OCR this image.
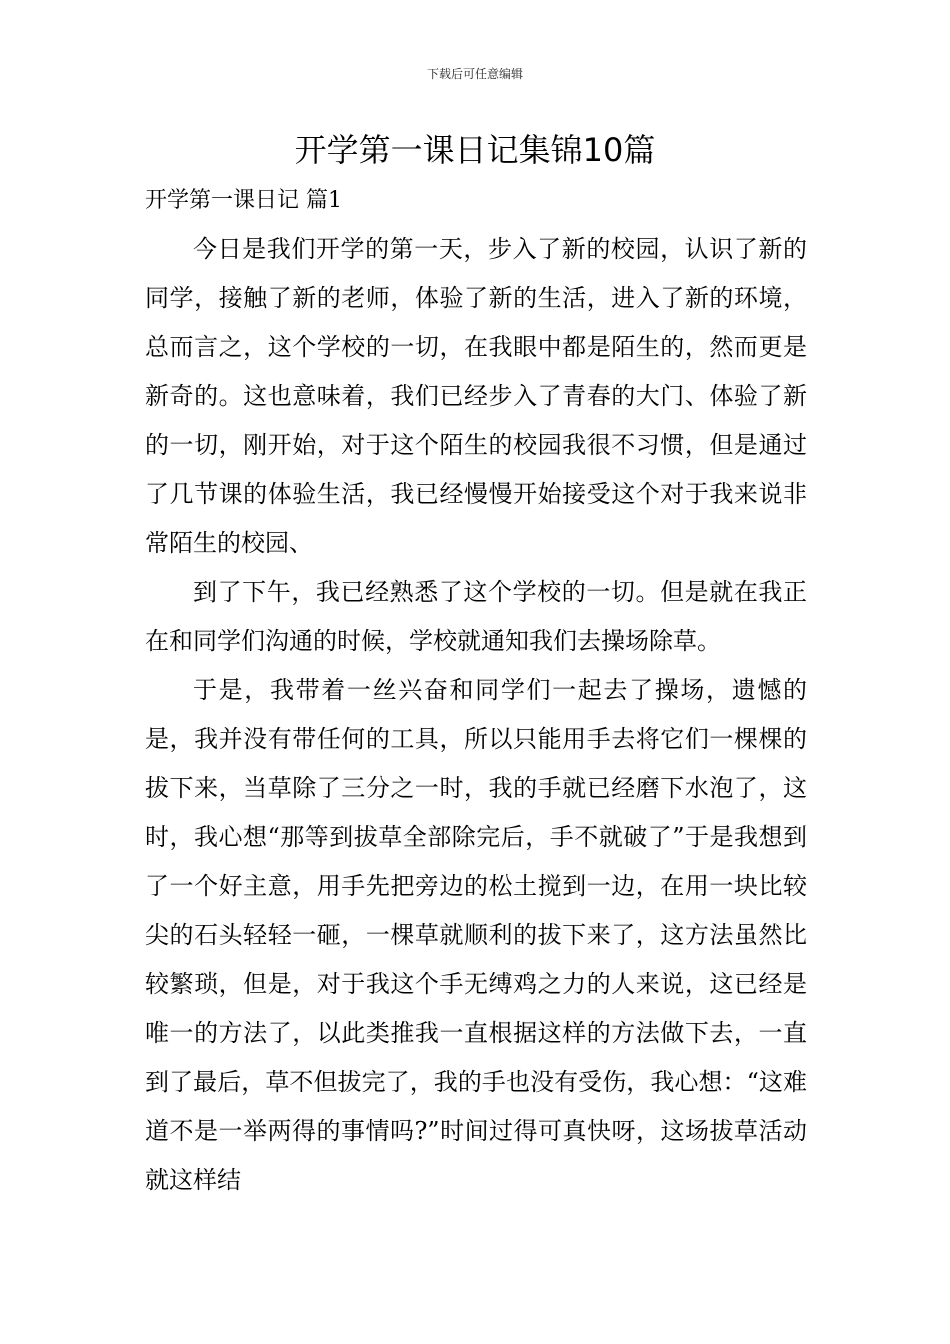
下载后可任意编辑
开学第一课日记集锦10篇
开学第一课日记 篇1

今日是我们开学的第一天，步入了新的校园，认识了新的同学，接触了新的老师，体验了新的生活，进入了新的环境，总而言之，这个学校的一切，在我眼中都是陌生的，然而更是新奇的。这也意味着，我们已经步入了青春的大门、体验了新的一切，刚开始，对于这个陌生的校园我很不习惯，但是通过了几节课的体验生活，我已经慢慢开始接受这个对于我来说非常陌生的校园、

到了下午，我已经熟悉了这个学校的一切。但是就在我正在和同学们沟通的时候，学校就通知我们去操场除草。

于是，我带着一丝兴奋和同学们一起去了操场，遗憾的是，我并没有带任何的工具，所以只能用手去将它们一棵棵的拔下来，当草除了三分之一时，我的手就已经磨下水泡了，这时，我心想“那等到拔草全部除完后，手不就破了”于是我想到了一个好主意，用手先把旁边的松土搅到一边，在用一块比较尖的石头轻轻一砸，一棵草就顺利的拔下来了，这方法虽然比较繁琐，但是，对于我这个手无缚鸡之力的人来说，这已经是唯一的方法了，以此类推我一直根据这样的方法做下去，一直到了最后，草不但拔完了，我的手也没有受伤，我心想：“这难道不是一举两得的事情吗?”时间过得可真快呀，这场拔草活动就这样结
